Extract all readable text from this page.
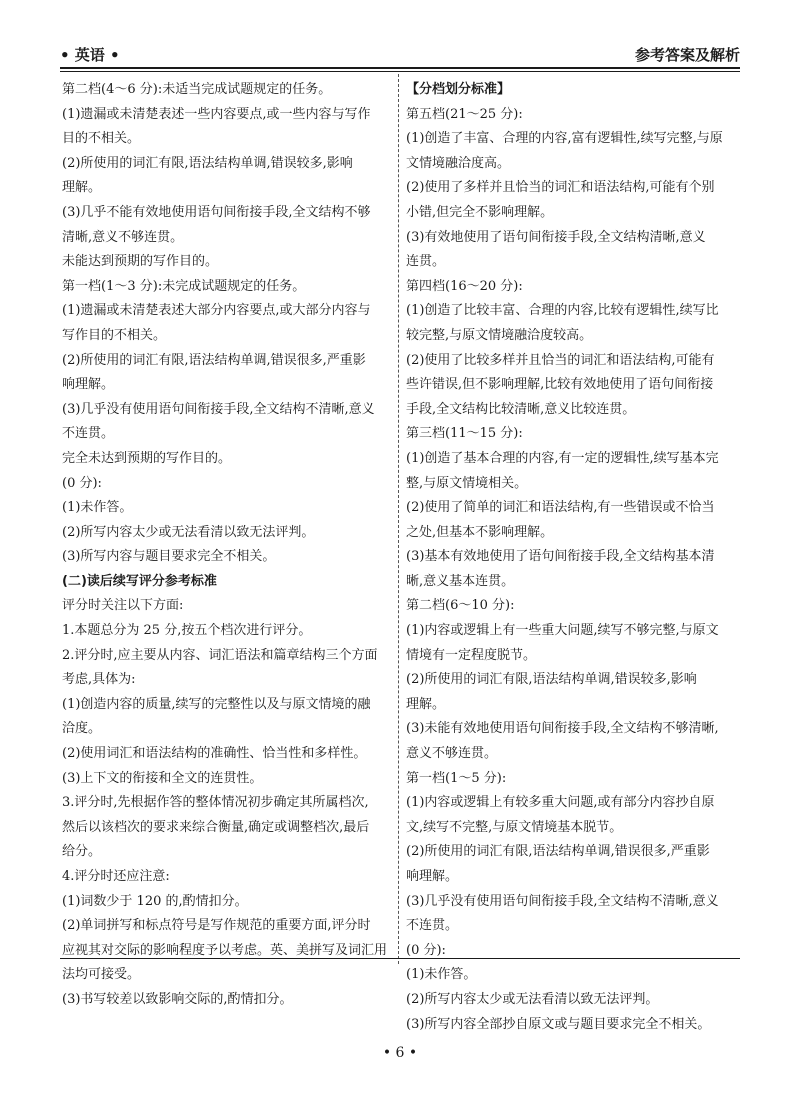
• 英语 •	参考答案及解析
第二档(4～6 分):未适当完成试题规定的任务。
(1)遗漏或未清楚表述一些内容要点,或一些内容与写作
目的不相关。
(2)所使用的词汇有限,语法结构单调,错误较多,影响
理解。
(3)几乎不能有效地使用语句间衔接手段,全文结构不够
清晰,意义不够连贯。
未能达到预期的写作目的。
第一档(1～3 分):未完成试题规定的任务。
(1)遗漏或未清楚表述大部分内容要点,或大部分内容与
写作目的不相关。
(2)所使用的词汇有限,语法结构单调,错误很多,严重影
响理解。
(3)几乎没有使用语句间衔接手段,全文结构不清晰,意义
不连贯。
完全未达到预期的写作目的。
(0 分):
(1)未作答。
(2)所写内容太少或无法看清以致无法评判。
(3)所写内容与题目要求完全不相关。
(二)读后续写评分参考标准
评分时关注以下方面:
1.本题总分为 25 分,按五个档次进行评分。
2.评分时,应主要从内容、词汇语法和篇章结构三个方面
考虑,具体为:
(1)创造内容的质量,续写的完整性以及与原文情境的融
洽度。
(2)使用词汇和语法结构的准确性、恰当性和多样性。
(3)上下文的衔接和全文的连贯性。
3.评分时,先根据作答的整体情况初步确定其所属档次,
然后以该档次的要求来综合衡量,确定或调整档次,最后
给分。
4.评分时还应注意:
(1)词数少于 120 的,酌情扣分。
(2)单词拼写和标点符号是写作规范的重要方面,评分时
应视其对交际的影响程度予以考虑。英、美拼写及词汇用
法均可接受。
(3)书写较差以致影响交际的,酌情扣分。
【分档划分标准】
第五档(21～25 分):
(1)创造了丰富、合理的内容,富有逻辑性,续写完整,与原
文情境融洽度高。
(2)使用了多样并且恰当的词汇和语法结构,可能有个别
小错,但完全不影响理解。
(3)有效地使用了语句间衔接手段,全文结构清晰,意义
连贯。
第四档(16～20 分):
(1)创造了比较丰富、合理的内容,比较有逻辑性,续写比
较完整,与原文情境融洽度较高。
(2)使用了比较多样并且恰当的词汇和语法结构,可能有
些许错误,但不影响理解,比较有效地使用了语句间衔接
手段,全文结构比较清晰,意义比较连贯。
第三档(11～15 分):
(1)创造了基本合理的内容,有一定的逻辑性,续写基本完
整,与原文情境相关。
(2)使用了简单的词汇和语法结构,有一些错误或不恰当
之处,但基本不影响理解。
(3)基本有效地使用了语句间衔接手段,全文结构基本清
晰,意义基本连贯。
第二档(6～10 分):
(1)内容或逻辑上有一些重大问题,续写不够完整,与原文
情境有一定程度脱节。
(2)所使用的词汇有限,语法结构单调,错误较多,影响
理解。
(3)未能有效地使用语句间衔接手段,全文结构不够清晰,
意义不够连贯。
第一档(1～5 分):
(1)内容或逻辑上有较多重大问题,或有部分内容抄自原
文,续写不完整,与原文情境基本脱节。
(2)所使用的词汇有限,语法结构单调,错误很多,严重影
响理解。
(3)几乎没有使用语句间衔接手段,全文结构不清晰,意义
不连贯。
(0 分):
(1)未作答。
(2)所写内容太少或无法看清以致无法评判。
(3)所写内容全部抄自原文或与题目要求完全不相关。
• 6 •
